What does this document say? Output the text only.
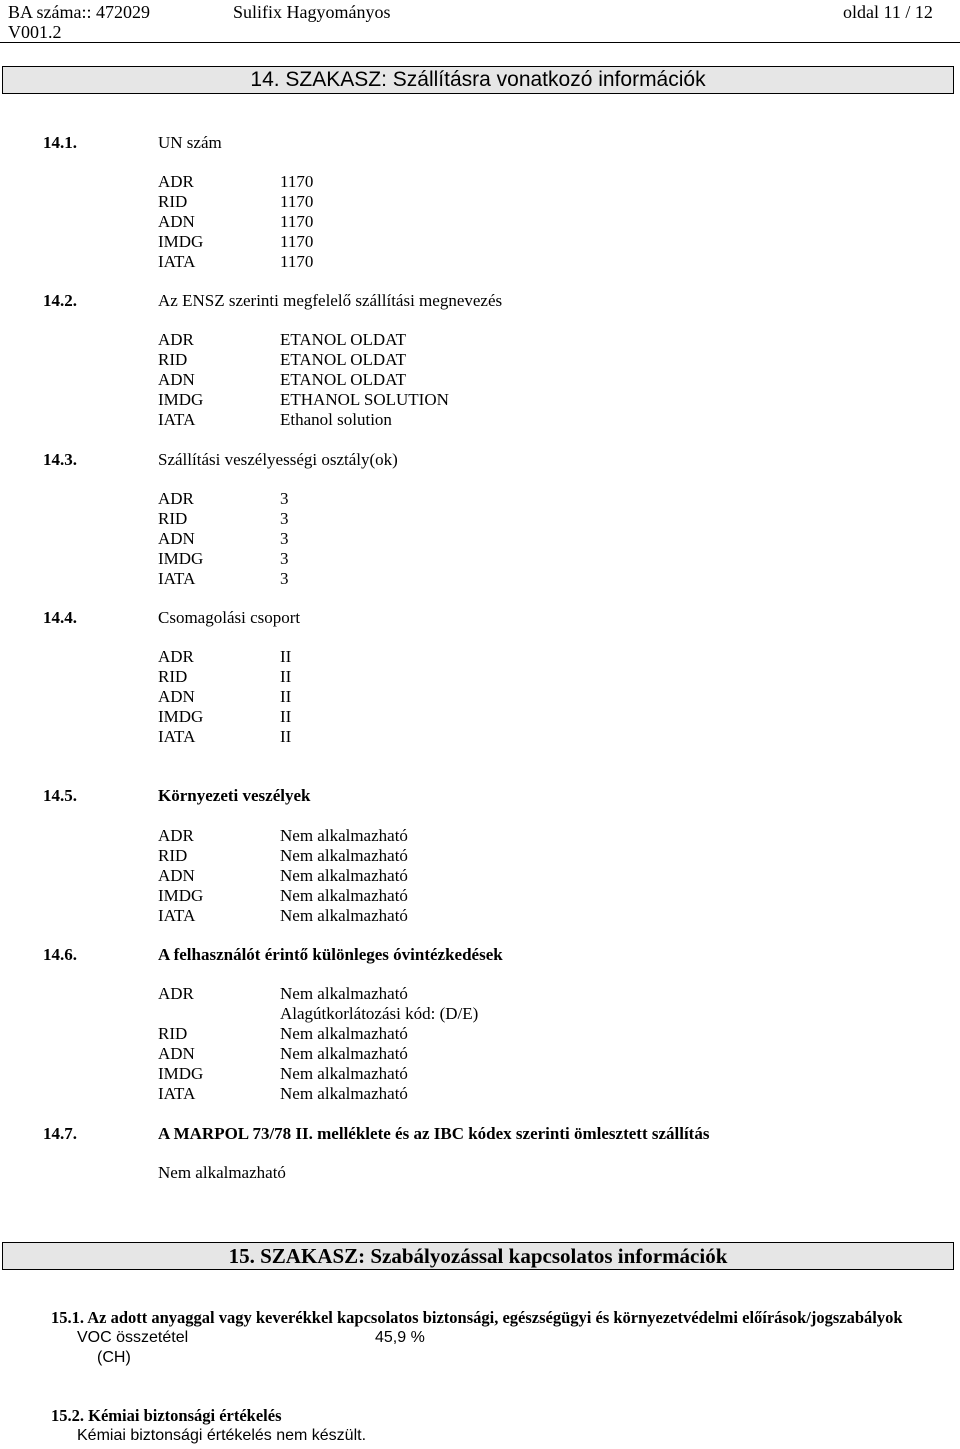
BA száma:: 472029
V001.2
Sulifix Hagyományos	oldal 11 / 12
14. SZAKASZ: Szállításra vonatkozó információk
14.1.	UN szám
ADR	1170
RID	1170
ADN	1170
IMDG	1170
IATA	1170
14.2.	Az ENSZ szerinti megfelelő szállítási megnevezés
ADR	ETANOL OLDAT
RID	ETANOL OLDAT
ADN	ETANOL OLDAT
IMDG	ETHANOL SOLUTION
IATA	Ethanol solution
14.3.	Szállítási veszélyességi osztály(ok)
ADR	3
RID	3
ADN	3
IMDG	3
IATA	3
14.4.	Csomagolási csoport
ADR	II
RID	II
ADN	II
IMDG	II
IATA	II
14.5.	Környezeti veszélyek
ADR	Nem alkalmazható
RID	Nem alkalmazható
ADN	Nem alkalmazható
IMDG	Nem alkalmazható
IATA	Nem alkalmazható
14.6.	A felhasználót érintő különleges óvintézkedések
ADR	Nem alkalmazható
Alagútkorlátozási kód: (D/E)
RID	Nem alkalmazható
ADN	Nem alkalmazható
IMDG	Nem alkalmazható
IATA	Nem alkalmazható
14.7.	A MARPOL 73/78 II. melléklete és az IBC kódex szerinti ömlesztett szállítás
Nem alkalmazható
15. SZAKASZ: Szabályozással kapcsolatos információk
15.1. Az adott anyaggal vagy keverékkel kapcsolatos biztonsági, egészségügyi és környezetvédelmi előírások/jogszabályok
VOC összetétel	45,9 %
(CH)
15.2. Kémiai biztonsági értékelés
Kémiai biztonsági értékelés nem készült.
